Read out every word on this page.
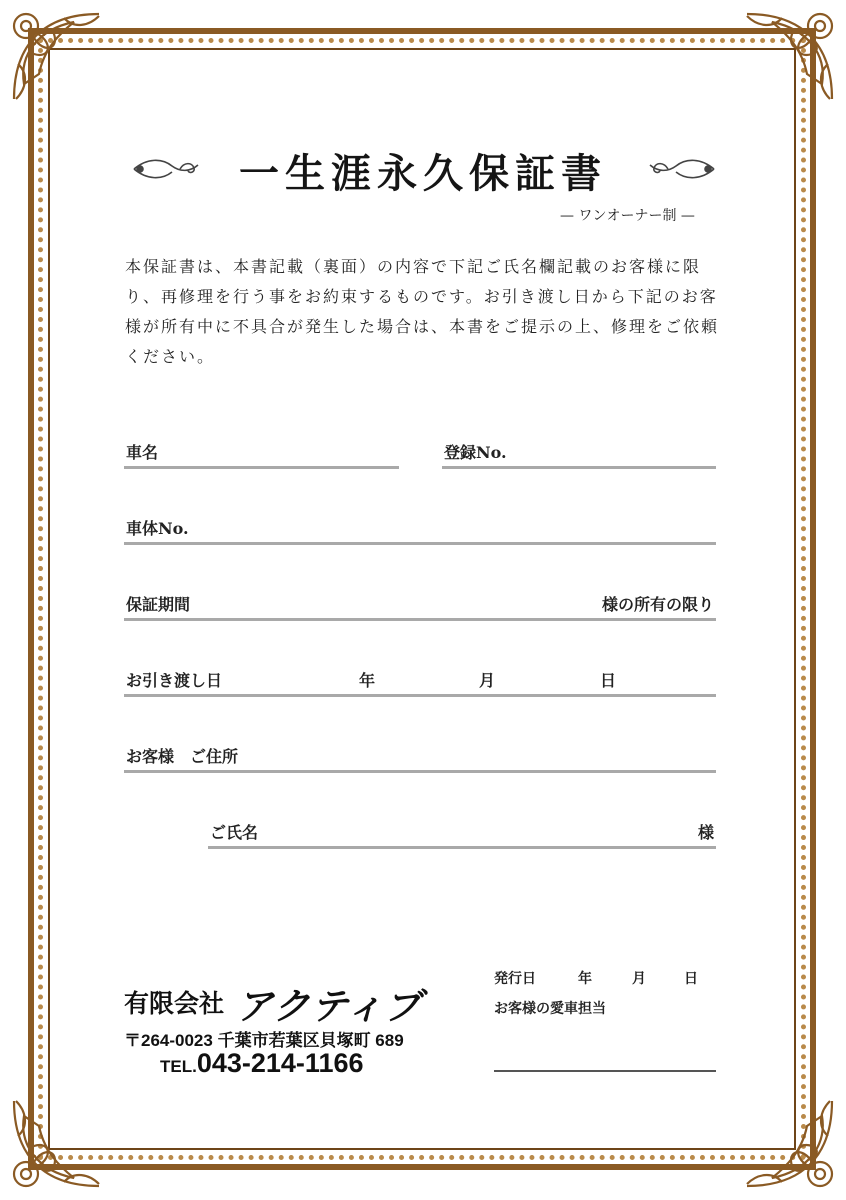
一生涯永久保証書
— ワンオーナー制 —
本保証書は、本書記載（裏面）の内容で下記ご氏名欄記載のお客様に限り、再修理を行う事をお約束するものです。お引き渡し日から下記のお客様が所有中に不具合が発生した場合は、本書をご提示の上、修理をご依頼ください。
車名	登録No.
車体No.
保証期間	様の所有の限り
お引き渡し日	年	月	日
お客様　ご住所
ご氏名	様
有限会社 アクティブ
〒264-0023 千葉市若葉区貝塚町 689
TEL.043-214-1166
発行日	年	月	日
お客様の愛車担当
